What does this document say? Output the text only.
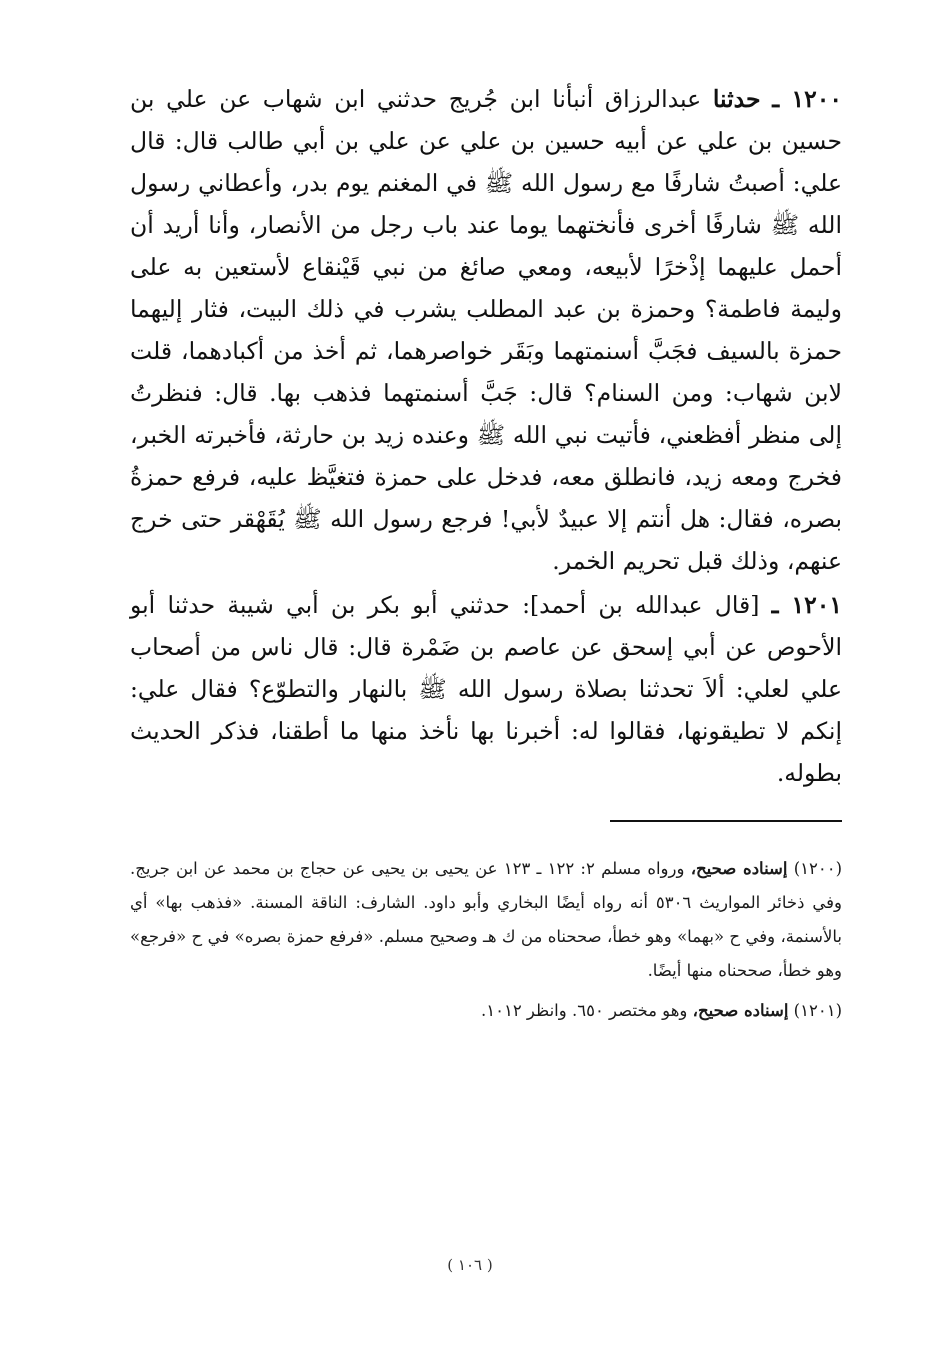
١٢٠٠ ـ حدثنا عبدالرزاق أنبأنا ابن جُريج حدثني ابن شهاب عن علي بن حسين بن علي عن أبيه حسين بن علي عن علي بن أبي طالب قال: قال علي: أصبتُ شارفًا مع رسول الله ﷺ في المغنم يوم بدر، وأعطاني رسول الله ﷺ شارفًا أخرى فأنختهما يوما عند باب رجل من الأنصار، وأنا أريد أن أحمل عليهما إذْخرًا لأبيعه، ومعي صائغ من نبي قَيْنقاع لأستعين به على وليمة فاطمة؟ وحمزة بن عبد المطلب يشرب في ذلك البيت، فثار إليهما حمزة بالسيف فجَبَّ أسنمتهما وبَقَر خواصرهما، ثم أخذ من أكبادهما، قلت لابن شهاب: ومن السنام؟ قال: جَبَّ أسنمتهما فذهب بها. قال: فنظرتُ إلى منظر أفظعني، فأتيت نبي الله ﷺ وعنده زيد بن حارثة، فأخبرته الخبر، فخرج ومعه زيد، فانطلق معه، فدخل على حمزة فتغيَّظ عليه، فرفع حمزةُ بصره، فقال: هل أنتم إلا عبيدٌ لأبي! فرجع رسول الله ﷺ يُقَهْقر حتى خرج عنهم، وذلك قبل تحريم الخمر.

١٢٠١ ـ [قال عبدالله بن أحمد]: حدثني أبو بكر بن أبي شيبة حدثنا أبو الأحوص عن أبي إسحق عن عاصم بن ضَمْرة قال: قال ناس من أصحاب علي لعلي: ألاَ تحدثنا بصلاة رسول الله ﷺ بالنهار والتطوّع؟ فقال علي: إنكم لا تطيقونها، فقالوا له: أخبرنا بها نأخذ منها ما أطقنا، فذكر الحديث بطوله.

(١٢٠٠) إسناده صحيح، ورواه مسلم ٢: ١٢٢ ـ ١٢٣ عن يحيى بن يحيى عن حجاج بن محمد عن ابن جريج. وفي ذخائر المواريث ٥٣٠٦ أنه رواه أيضًا البخاري وأبو داود. الشارف: الناقة المسنة. «فذهب بها» أي بالأسنمة، وفي ح «بهما» وهو خطأ، صححناه من ك هـ وصحيح مسلم. «فرفع حمزة بصره» في ح «فرجع» وهو خطأ، صححناه منها أيضًا.

(١٢٠١) إسناده صحيح، وهو مختصر ٦٥٠. وانظر ١٠١٢.

( ١٠٦ )
